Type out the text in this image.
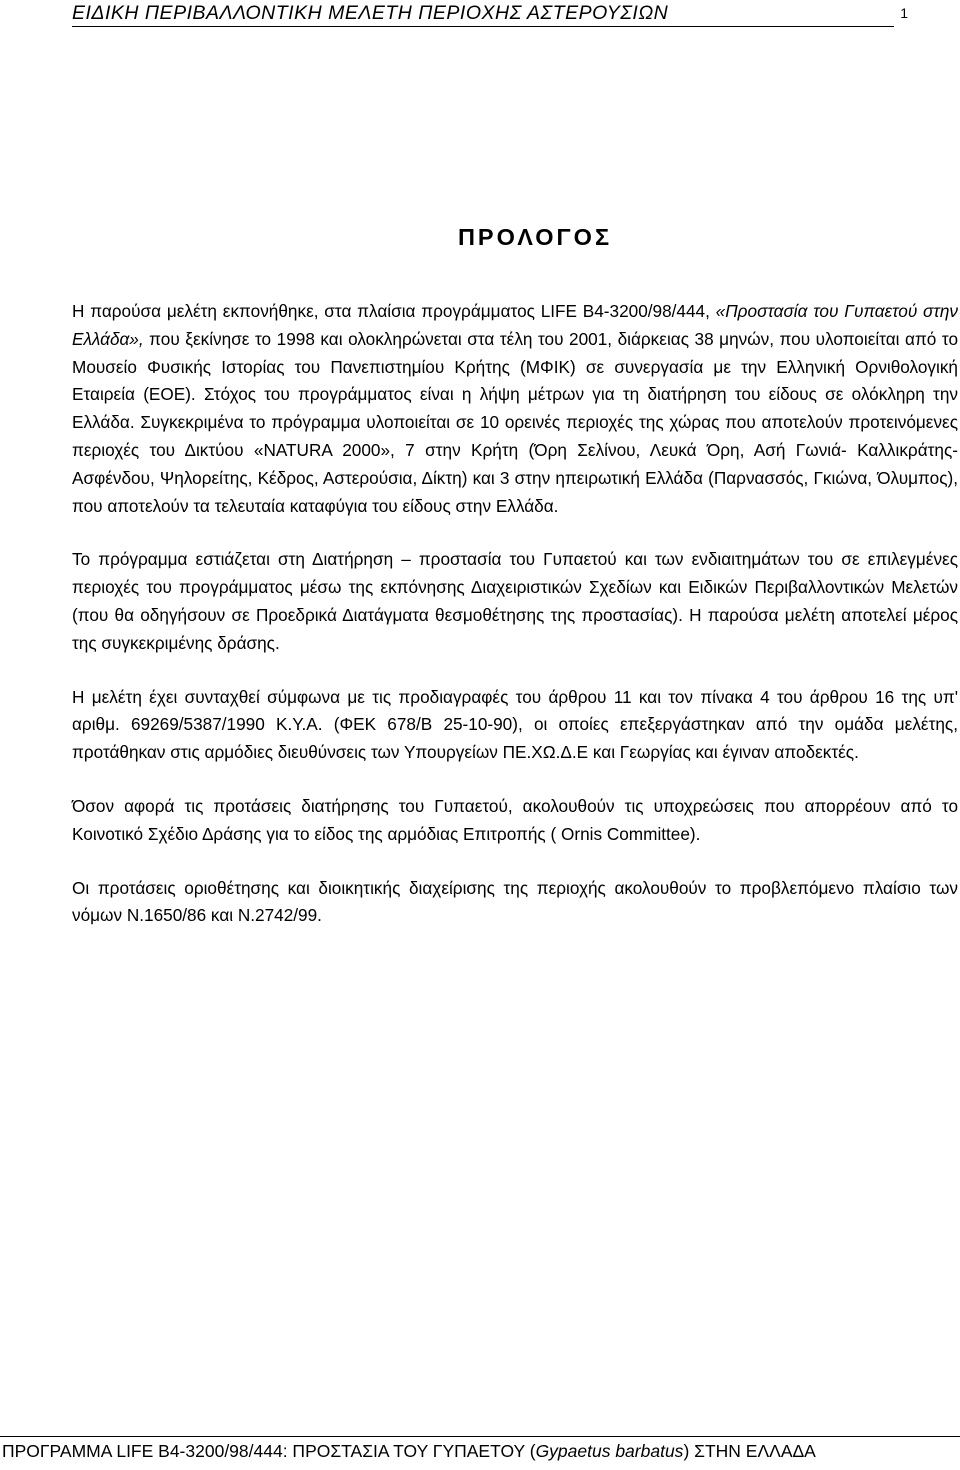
ΕΙΔΙΚΗ ΠΕΡΙΒΑΛΛΟΝΤΙΚΗ ΜΕΛΕΤΗ ΠΕΡΙΟΧΗΣ ΑΣΤΕΡΟΥΣΙΩΝ	1
ΠΡΟΛΟΓΟΣ

Η παρούσα μελέτη εκπονήθηκε, στα πλαίσια προγράμματος LIFE B4-3200/98/444, «Προστασία του Γυπαετού στην Ελλάδα», που ξεκίνησε το 1998 και ολοκληρώνεται στα τέλη του 2001, διάρκειας 38 μηνών, που υλοποιείται από το Μουσείο Φυσικής Ιστορίας του Πανεπιστημίου Κρήτης (ΜΦΙΚ) σε συνεργασία με την Ελληνική Ορνιθολογική Εταιρεία (ΕΟΕ). Στόχος του προγράμματος είναι η λήψη μέτρων για τη διατήρηση του είδους σε ολόκληρη την Ελλάδα. Συγκεκριμένα το πρόγραμμα υλοποιείται σε 10 ορεινές περιοχές της χώρας που αποτελούν προτεινόμενες περιοχές του Δικτύου «NATURA 2000», 7 στην Κρήτη (Όρη Σελίνου, Λευκά Όρη, Ασή Γωνιά- Καλλικράτης- Ασφένδου, Ψηλορείτης, Κέδρος, Αστερούσια, Δίκτη) και 3 στην ηπειρωτική Ελλάδα (Παρνασσός, Γκιώνα, Όλυμπος), που αποτελούν τα τελευταία καταφύγια του είδους στην Ελλάδα.

Το πρόγραμμα εστιάζεται στη Διατήρηση – προστασία του Γυπαετού και των ενδιαιτημάτων του σε επιλεγμένες περιοχές του προγράμματος μέσω της εκπόνησης Διαχειριστικών Σχεδίων και Ειδικών Περιβαλλοντικών Μελετών (που θα οδηγήσουν σε Προεδρικά Διατάγματα θεσμοθέτησης της προστασίας). Η παρούσα μελέτη αποτελεί μέρος της συγκεκριμένης δράσης.

Η μελέτη έχει συνταχθεί σύμφωνα με τις προδιαγραφές του άρθρου 11 και τον πίνακα 4 του άρθρου 16 της υπ' αριθμ. 69269/5387/1990 Κ.Υ.Α. (ΦΕΚ 678/Β 25-10-90), οι οποίες επεξεργάστηκαν από την ομάδα μελέτης, προτάθηκαν στις αρμόδιες διευθύνσεις των Υπουργείων ΠΕ.ΧΩ.Δ.Ε και Γεωργίας και έγιναν αποδεκτές.

Όσον αφορά τις προτάσεις διατήρησης του Γυπαετού, ακολουθούν τις υποχρεώσεις που απορρέουν από το Κοινοτικό Σχέδιο Δράσης για το είδος της αρμόδιας Επιτροπής ( Ornis Committee).

Οι προτάσεις οριοθέτησης και διοικητικής διαχείρισης της περιοχής ακολουθούν το προβλεπόμενο πλαίσιο των νόμων Ν.1650/86 και Ν.2742/99.

ΠΡΟΓΡΑΜΜΑ LIFE B4-3200/98/444: ΠΡΟΣΤΑΣΙΑ ΤΟΥ ΓΥΠΑΕΤΟΥ (Gypaetus barbatus) ΣΤΗΝ ΕΛΛΑΔΑ
